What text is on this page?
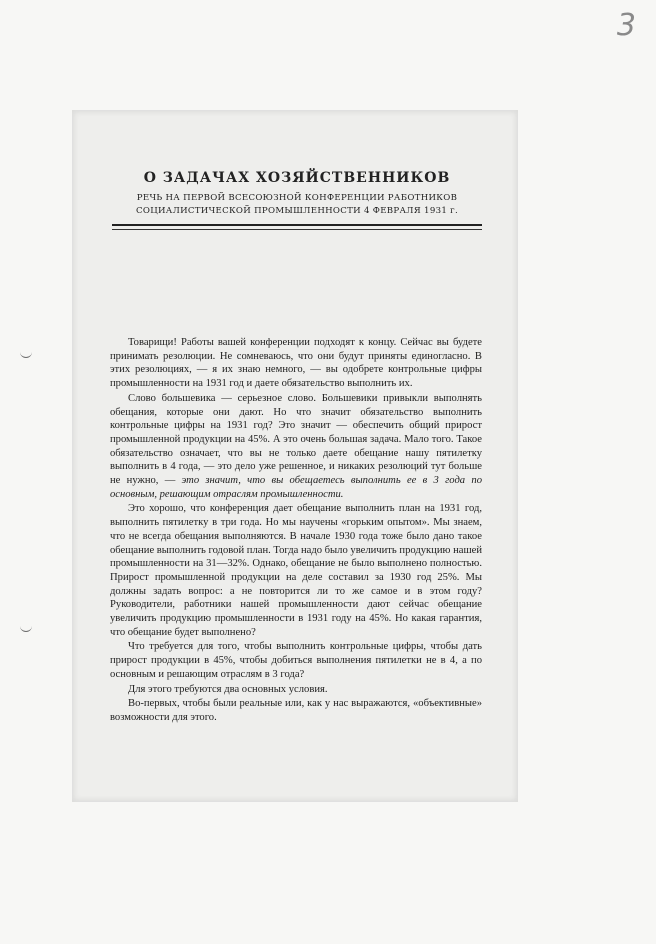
3
О ЗАДАЧАХ ХОЗЯЙСТВЕННИКОВ

РЕЧЬ НА ПЕРВОЙ ВСЕСОЮЗНОЙ КОНФЕРЕНЦИИ РАБОТНИКОВ СОЦИАЛИСТИЧЕСКОЙ ПРОМЫШЛЕННОСТИ 4 ФЕВРАЛЯ 1931 г.

Товарищи! Работы вашей конференции подходят к концу. Сейчас вы будете принимать резолюции. Не сомневаюсь, что они будут приняты единогласно. В этих резолюциях, — я их знаю немного, — вы одобрете контрольные цифры промышленности на 1931 год и даете обязательство выполнить их.

Слово большевика — серьезное слово. Большевики привыкли выполнять обещания, которые они дают. Но что значит обязательство выполнить контрольные цифры на 1931 год? Это значит — обеспечить общий прирост промышленной продукции на 45%. А это очень большая задача. Мало того. Такое обязательство означает, что вы не только даете обещание нашу пятилетку выполнить в 4 года, — это дело уже решенное, и никаких резолюций тут больше не нужно, — это значит, что вы обещаетесь выполнить ее в 3 года по основным, решающим отраслям промышленности.

Это хорошо, что конференция дает обещание выполнить план на 1931 год, выполнить пятилетку в три года. Но мы научены «горьким опытом». Мы знаем, что не всегда обещания выполняются. В начале 1930 года тоже было дано такое обещание выполнить годовой план. Тогда надо было увеличить продукцию нашей промышленности на 31—32%. Однако, обещание не было выполнено полностью. Прирост промышленной продукции на деле составил за 1930 год 25%. Мы должны задать вопрос: а не повторится ли то же самое и в этом году? Руководители, работники нашей промышленности дают сейчас обещание увеличить продукцию промышленности в 1931 году на 45%. Но какая гарантия, что обещание будет выполнено?

Что требуется для того, чтобы выполнить контрольные цифры, чтобы дать прирост продукции в 45%, чтобы добиться выполнения пятилетки не в 4, а по основным и решающим отраслям в 3 года?

Для этого требуются два основных условия.

Во-первых, чтобы были реальные или, как у нас выражаются, «объективные» возможности для этого.
